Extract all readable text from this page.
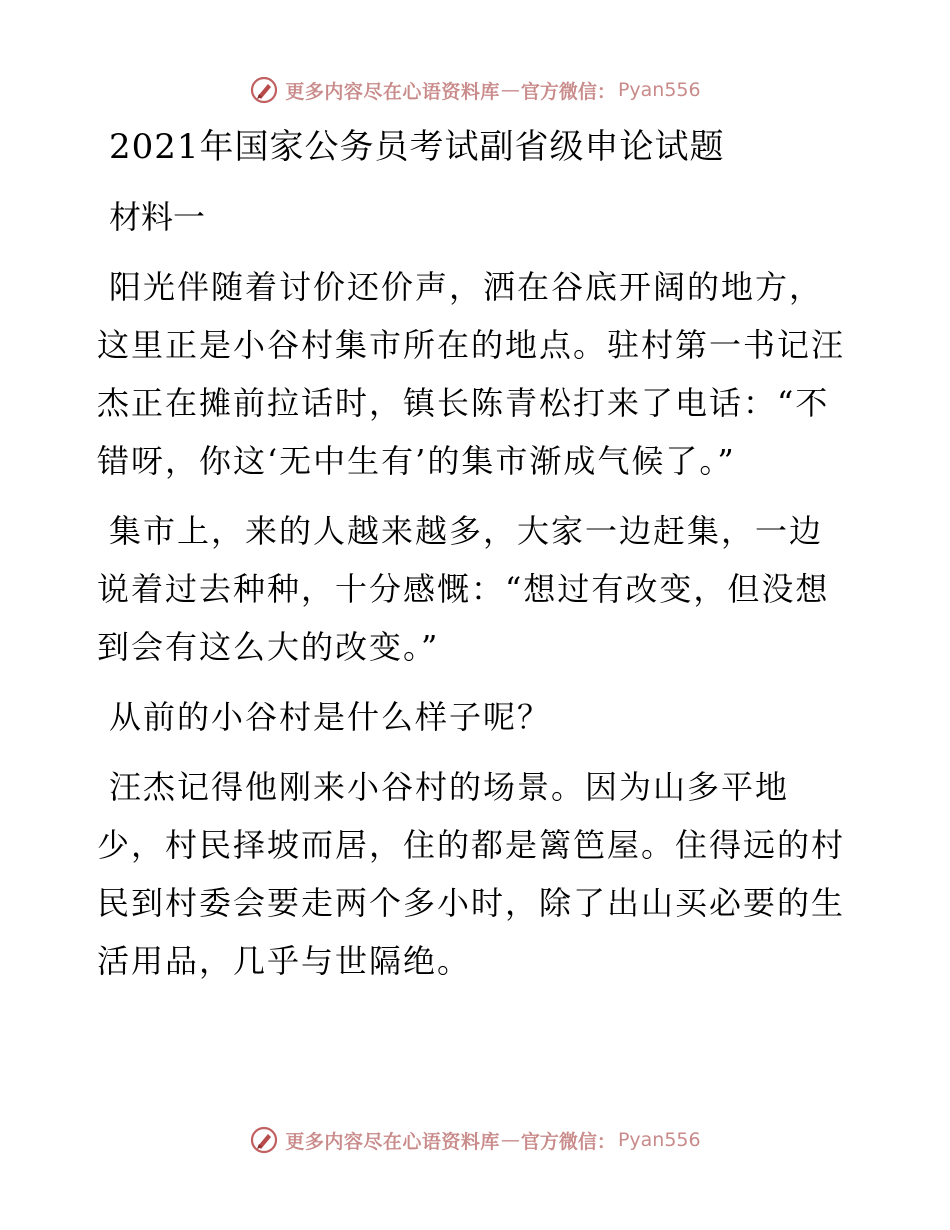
更多内容尽在心语资料库 — 官方微信： Pyan556
2021年国家公务员考试副省级申论试题
材料一

阳光伴随着讨价还价声，洒在谷底开阔的地方，
这里正是小谷村集市所在的地点。驻村第一书记汪
杰正在摊前拉话时，镇长陈青松打来了电话：“不
错呀，你这‘无中生有’的集市渐成气候了。”

集市上，来的人越来越多，大家一边赶集，一边
说着过去种种，十分感慨：“想过有改变，但没想
到会有这么大的改变。”

从前的小谷村是什么样子呢？

汪杰记得他刚来小谷村的场景。因为山多平地
少，村民择坡而居，住的都是篱笆屋。住得远的村
民到村委会要走两个多小时，除了出山买必要的生
活用品，几乎与世隔绝。

更多内容尽在心语资料库 — 官方微信： Pyan556
